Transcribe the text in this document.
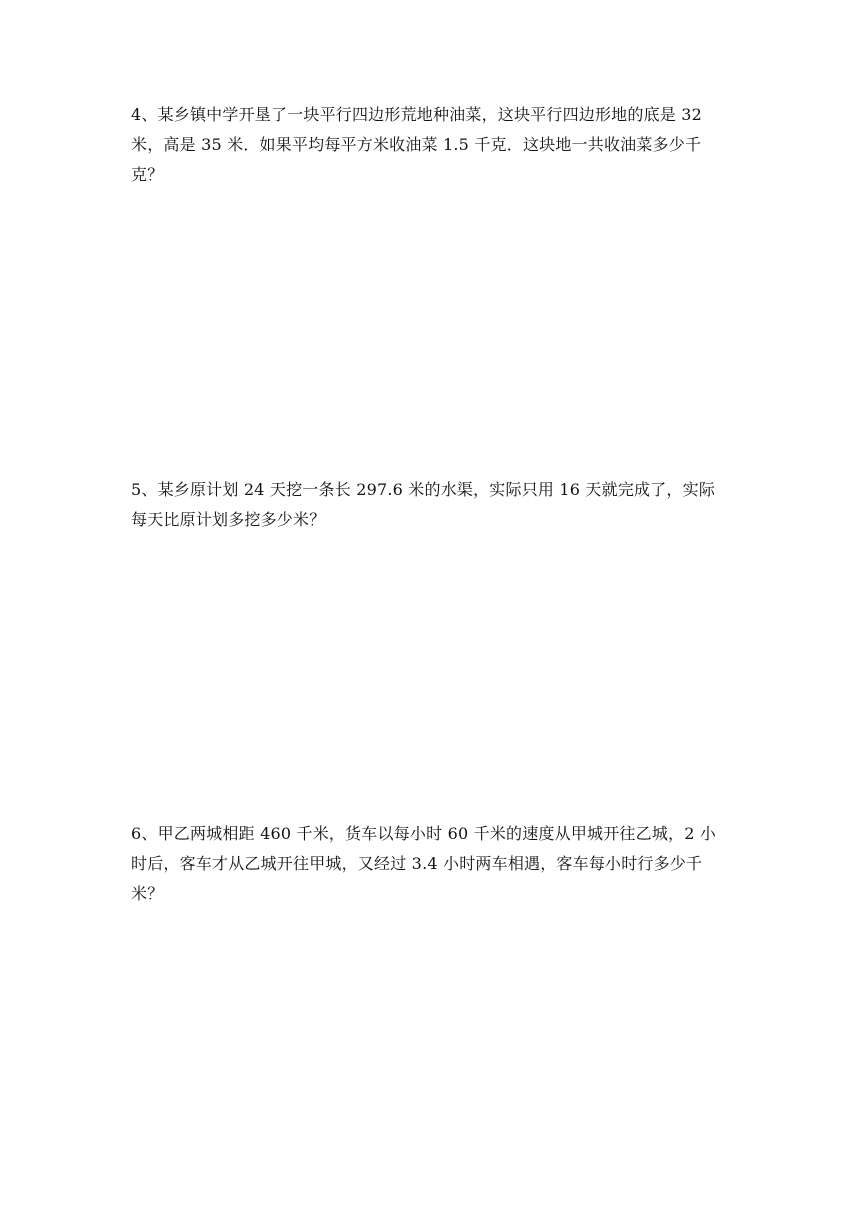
4、某乡镇中学开垦了一块平行四边形荒地种油菜，这块平行四边形地的底是 32
米，高是 35 米．如果平均每平方米收油菜 1.5 千克．这块地一共收油菜多少千
克？
5、某乡原计划 24 天挖一条长 297.6 米的水渠，实际只用 16 天就完成了，实际
每天比原计划多挖多少米？
6、甲乙两城相距 460 千米，货车以每小时 60 千米的速度从甲城开往乙城，2 小
时后，客车才从乙城开往甲城，又经过 3.4 小时两车相遇，客车每小时行多少千
米？
